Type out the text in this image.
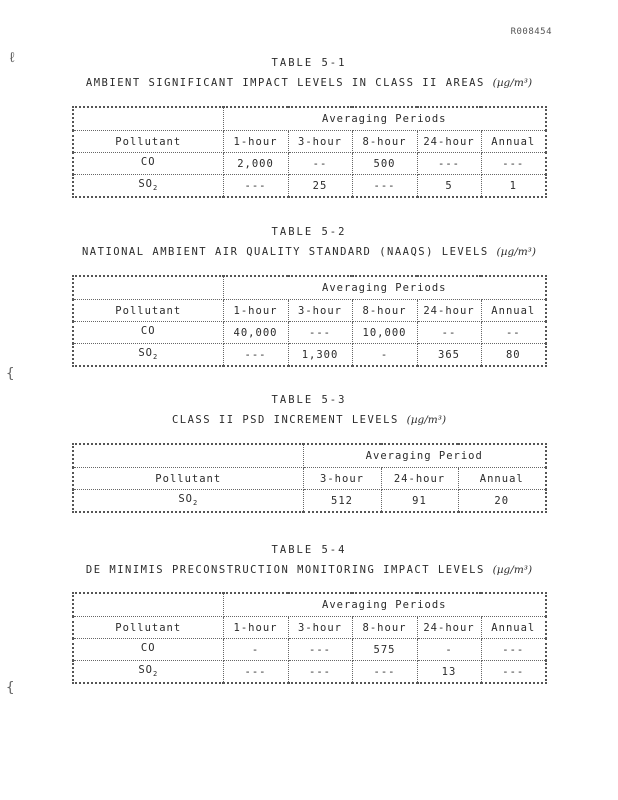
R008454
ℓ
{
{
TABLE 5-1
AMBIENT SIGNIFICANT IMPACT LEVELS IN CLASS II AREAS (µg/m³)
	Averaging Periods				
Pollutant	1-hour	3-hour	8-hour	24-hour	Annual
CO	2,000	--	500	---	---
$SO_2$	---	25	---	5	1
TABLE 5-2
NATIONAL AMBIENT AIR QUALITY STANDARD (NAAQS) LEVELS (µg/m³)
	Averaging Periods				
Pollutant	1-hour	3-hour	8-hour	24-hour	Annual
CO	40,000	---	10,000	--	--
$SO_2$	---	1,300	-	365	80
TABLE 5-3
CLASS II PSD INCREMENT LEVELS (µg/m³)
	Averaging Period		
Pollutant	3-hour	24-hour	Annual
$SO_2$	512	91	20
TABLE 5-4
DE MINIMIS PRECONSTRUCTION MONITORING IMPACT LEVELS (µg/m³)
	Averaging Periods				
Pollutant	1-hour	3-hour	8-hour	24-hour	Annual
CO	-	---	575	-	---
$SO_2$	---	---	---	13	---
